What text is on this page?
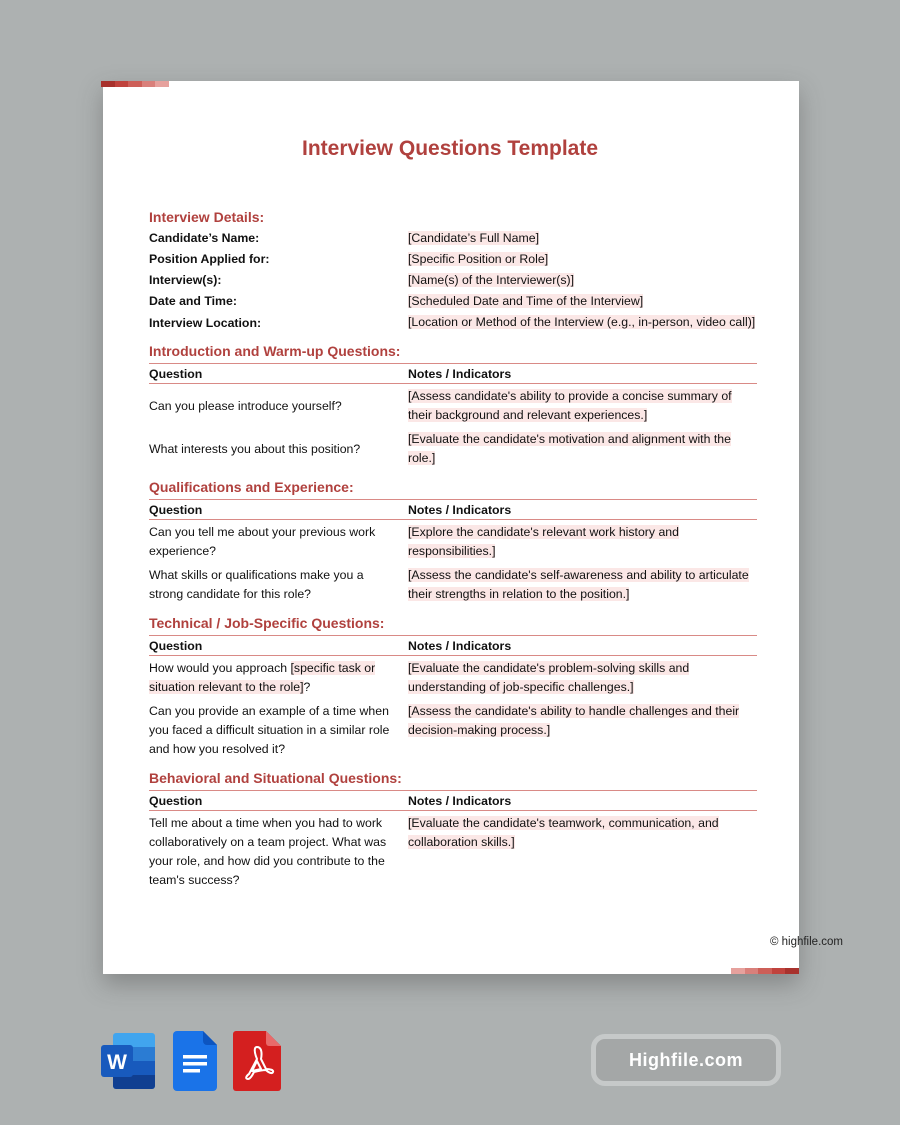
Interview Questions Template
Interview Details:
Candidate’s Name:	[Candidate’s Full Name]
Position Applied for:	[Specific Position or Role]
Interview(s):	[Name(s) of the Interviewer(s)]
Date and Time:	[Scheduled Date and Time of the Interview]
Interview Location:	[Location or Method of the Interview (e.g., in-person, video call)]
Introduction and Warm-up Questions:
Question	Notes / Indicators
Can you please introduce yourself?	[Assess candidate's ability to provide a concise summary of their background and relevant experiences.]
What interests you about this position?	[Evaluate the candidate's motivation and alignment with the role.]
Qualifications and Experience:
Question	Notes / Indicators
Can you tell me about your previous work experience?	[Explore the candidate's relevant work history and responsibilities.]
What skills or qualifications make you a strong candidate for this role?	[Assess the candidate's self-awareness and ability to articulate their strengths in relation to the position.]
Technical / Job-Specific Questions:
Question	Notes / Indicators
How would you approach [specific task or situation relevant to the role]?	[Evaluate the candidate's problem-solving skills and understanding of job-specific challenges.]
Can you provide an example of a time when you faced a difficult situation in a similar role and how you resolved it?	[Assess the candidate's ability to handle challenges and their decision-making process.]
Behavioral and Situational Questions:
Question	Notes / Indicators
Tell me about a time when you had to work collaboratively on a team project. What was your role, and how did you contribute to the team's success?	[Evaluate the candidate's teamwork, communication, and collaboration skills.]
© highfile.com
W	Highfile.com
